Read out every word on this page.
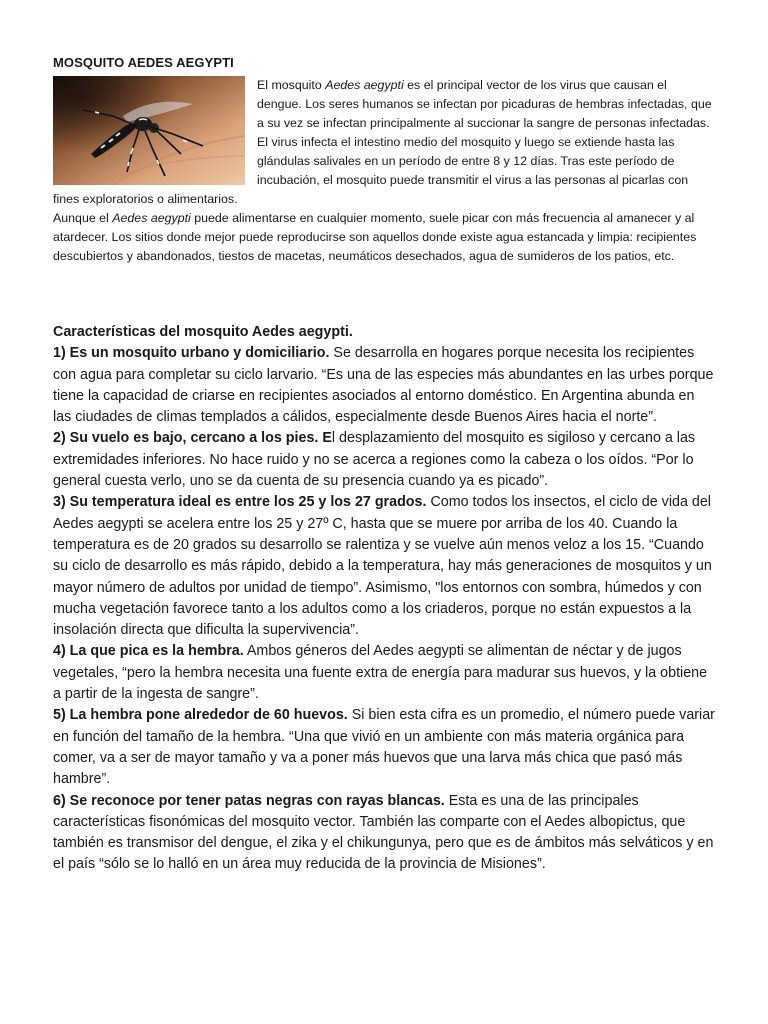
MOSQUITO AEDES AEGYPTI

El mosquito Aedes aegypti es el principal vector de los virus que causan el dengue. Los seres humanos se infectan por picaduras de hembras infectadas, que a su vez se infectan principalmente al succionar la sangre de personas infectadas.

El virus infecta el intestino medio del mosquito y luego se extiende hasta las glándulas salivales en un período de entre 8 y 12 días. Tras este período de incubación, el mosquito puede transmitir el virus a las personas al picarlas con fines exploratorios o alimentarios.

Aunque el Aedes aegypti puede alimentarse en cualquier momento, suele picar con más frecuencia al amanecer y al atardecer. Los sitios donde mejor puede reproducirse son aquellos donde existe agua estancada y limpia: recipientes descubiertos y abandonados, tiestos de macetas, neumáticos desechados, agua de sumideros de los patios, etc.

Características del mosquito Aedes aegypti.

1) Es un mosquito urbano y domiciliario. Se desarrolla en hogares porque necesita los recipientes con agua para completar su ciclo larvario. “Es una de las especies más abundantes en las urbes porque tiene la capacidad de criarse en recipientes asociados al entorno doméstico. En Argentina abunda en las ciudades de climas templados a cálidos, especialmente desde Buenos Aires hacia el norte”.

2) Su vuelo es bajo, cercano a los pies. El desplazamiento del mosquito es sigiloso y cercano a las extremidades inferiores. No hace ruido y no se acerca a regiones como la cabeza o los oídos. “Por lo general cuesta verlo, uno se da cuenta de su presencia cuando ya es picado”.

3) Su temperatura ideal es entre los 25 y los 27 grados. Como todos los insectos, el ciclo de vida del Aedes aegypti se acelera entre los 25 y 27º C, hasta que se muere por arriba de los 40. Cuando la temperatura es de 20 grados su desarrollo se ralentiza y se vuelve aún menos veloz a los 15. “Cuando su ciclo de desarrollo es más rápido, debido a la temperatura, hay más generaciones de mosquitos y un mayor número de adultos por unidad de tiempo”. Asimismo, "los entornos con sombra, húmedos y con mucha vegetación favorece tanto a los adultos como a los criaderos, porque no están expuestos a la insolación directa que dificulta la supervivencia”.

4) La que pica es la hembra. Ambos géneros del Aedes aegypti se alimentan de néctar y de jugos vegetales, “pero la hembra necesita una fuente extra de energía para madurar sus huevos, y la obtiene a partir de la ingesta de sangre”.

5) La hembra pone alrededor de 60 huevos. Si bien esta cifra es un promedio, el número puede variar en función del tamaño de la hembra. “Una que vivió en un ambiente con más materia orgánica para comer, va a ser de mayor tamaño y va a poner más huevos que una larva más chica que pasó más hambre”.

6) Se reconoce por tener patas negras con rayas blancas. Esta es una de las principales características fisonómicas del mosquito vector. También las comparte con el Aedes albopictus, que también es transmisor del dengue, el zika y el chikungunya, pero que es de ámbitos más selváticos y en el país “sólo se lo halló en un área muy reducida de la provincia de Misiones”.
